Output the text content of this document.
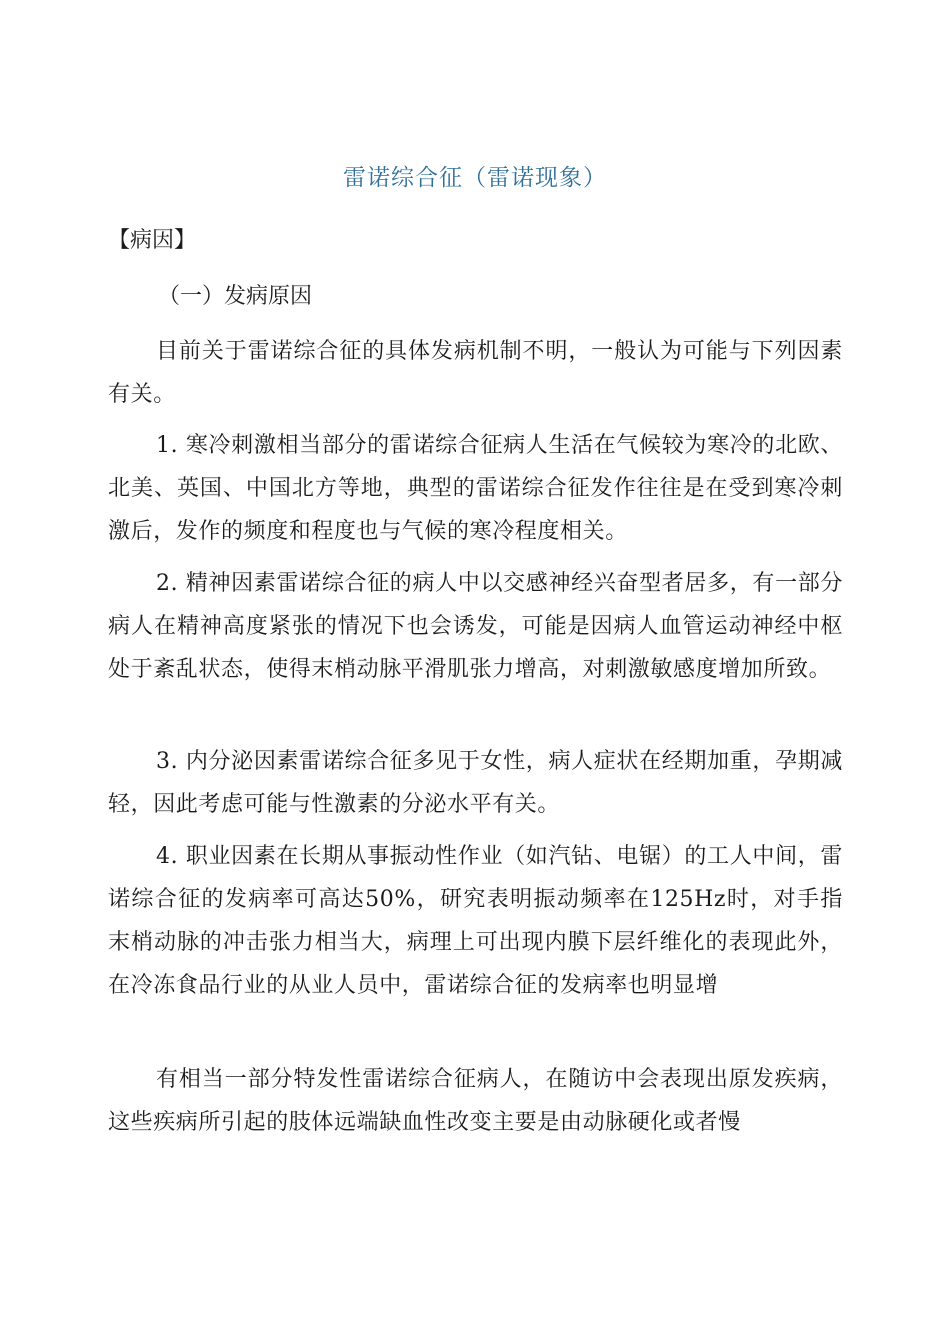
雷诺综合征（雷诺现象）
【病因】
（一）发病原因

目前关于雷诺综合征的具体发病机制不明，一般认为可能与下列因素有关。

1. 寒冷刺激相当部分的雷诺综合征病人生活在气候较为寒冷的北欧、北美、英国、中国北方等地，典型的雷诺综合征发作往往是在受到寒冷刺激后，发作的频度和程度也与气候的寒冷程度相关。

2. 精神因素雷诺综合征的病人中以交感神经兴奋型者居多，有一部分病人在精神高度紧张的情况下也会诱发，可能是因病人血管运动神经中枢处于紊乱状态，使得末梢动脉平滑肌张力增高，对刺激敏感度增加所致。

3. 内分泌因素雷诺综合征多见于女性，病人症状在经期加重，孕期减轻，因此考虑可能与性激素的分泌水平有关。

4. 职业因素在长期从事振动性作业（如汽钻、电锯）的工人中间，雷诺综合征的发病率可高达50%，研究表明振动频率在125Hz时，对手指末梢动脉的冲击张力相当大，病理上可出现内膜下层纤维化的表现此外，在冷冻食品行业的从业人员中，雷诺综合征的发病率也明显增

有相当一部分特发性雷诺综合征病人，在随访中会表现出原发疾病，这些疾病所引起的肢体远端缺血性改变主要是由动脉硬化或者慢
